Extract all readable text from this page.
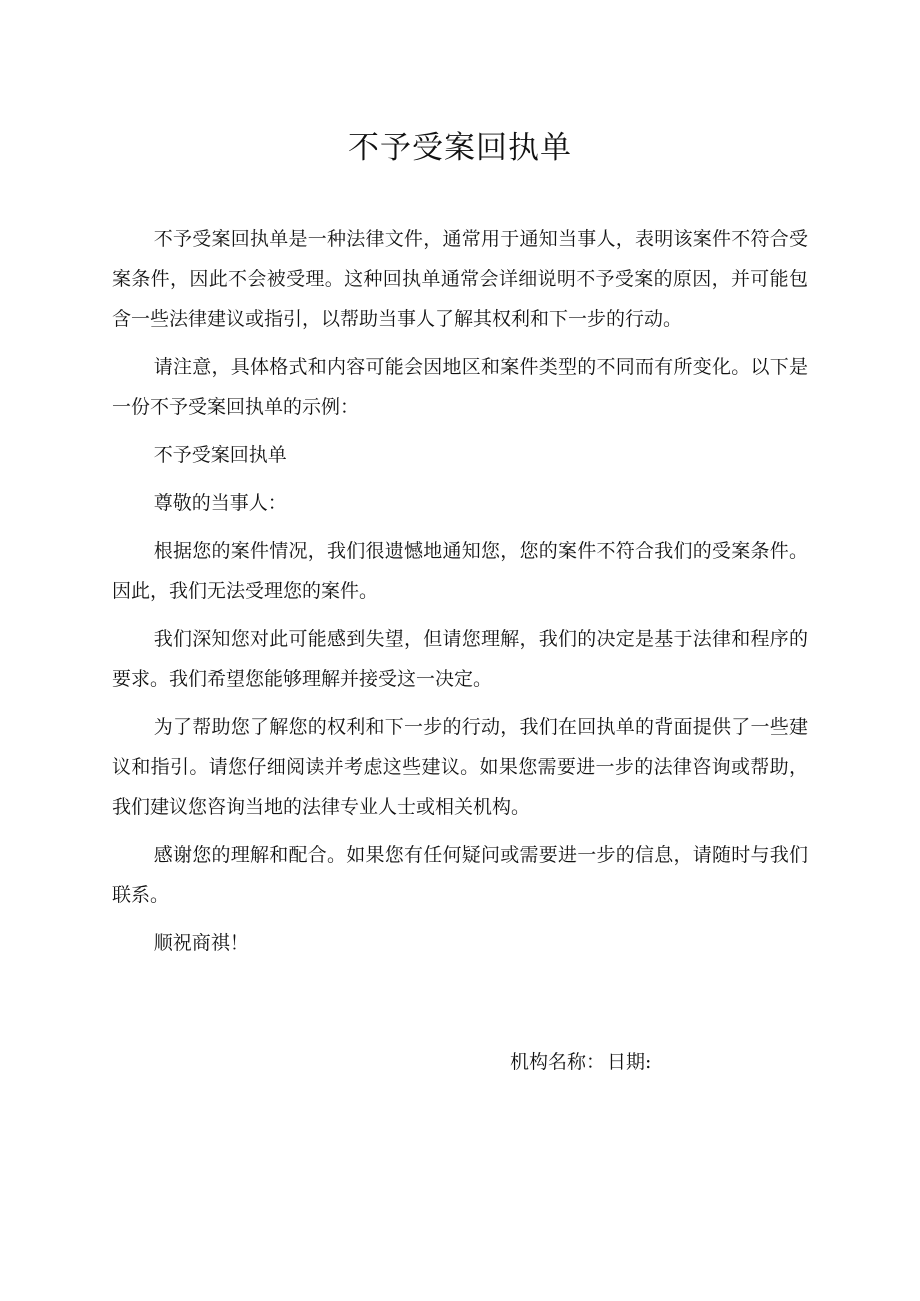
不予受案回执单

不予受案回执单是一种法律文件，通常用于通知当事人，表明该案件不符合受案条件，因此不会被受理。这种回执单通常会详细说明不予受案的原因，并可能包含一些法律建议或指引，以帮助当事人了解其权利和下一步的行动。

请注意，具体格式和内容可能会因地区和案件类型的不同而有所变化。以下是一份不予受案回执单的示例：

不予受案回执单

尊敬的当事人：

根据您的案件情况，我们很遗憾地通知您，您的案件不符合我们的受案条件。因此，我们无法受理您的案件。

我们深知您对此可能感到失望，但请您理解，我们的决定是基于法律和程序的要求。我们希望您能够理解并接受这一决定。

为了帮助您了解您的权利和下一步的行动，我们在回执单的背面提供了一些建议和指引。请您仔细阅读并考虑这些建议。如果您需要进一步的法律咨询或帮助，我们建议您咨询当地的法律专业人士或相关机构。

感谢您的理解和配合。如果您有任何疑问或需要进一步的信息，请随时与我们联系。

顺祝商祺！

机构名称： 日期:
